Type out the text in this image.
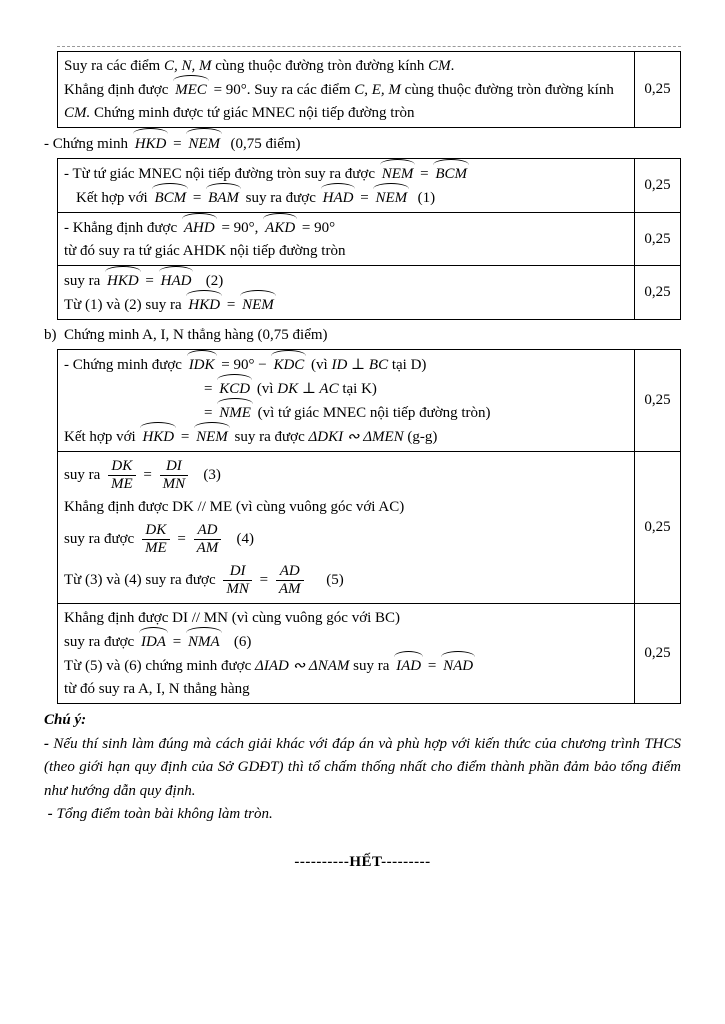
Suy ra các điểm C, N, M cùng thuộc đường tròn đường kính CM.
Khẳng định được MEC = 90°. Suy ra các điểm C, E, M cùng thuộc đường tròn đường kính
CM. Chứng minh được tứ giác MNEC nội tiếp đường tròn
0,25
- Chứng minh HKD = NEM  (0,75 điểm)
- Từ tứ giác MNEC nội tiếp đường tròn suy ra được NEM = BCM
Kết hợp với BCM = BAM suy ra được HAD = NEM  (1)
0,25
- Khẳng định được AHD = 90°, AKD = 90°
từ đó suy ra tứ giác AHDK nội tiếp đường tròn
0,25
suy ra HKD = HAD   (2)
Từ (1) và (2) suy ra HKD = NEM
0,25
b)  Chứng minh A, I, N thẳng hàng (0,75 điểm)
- Chứng minh được IDK = 90° − KDC (vì ID ⊥ BC tại D)
= KCD (vì DK ⊥ AC tại K)
= NME (vì tứ giác MNEC nội tiếp đường tròn)
Kết hợp với HKD = NEM suy ra được ΔDKI ∾ ΔMEN (g-g)
0,25
suy ra $\frac{DK}{ME} = \frac{DI}{MN} (3)$
Khẳng định được DK // ME (vì cùng vuông góc với AC)
suy ra được $\frac{DK}{ME} = \frac{AD}{AM} (4)$
Từ (3) và (4) suy ra được $\frac{DI}{MN} = \frac{AD}{AM} (5)$
0,25
Khẳng định được DI // MN (vì cùng vuông góc với BC)
suy ra được IDA = NMA   (6)
Từ (5) và (6) chứng minh được ΔIAD ∾ ΔNAM suy ra IAD = NAD
từ đó suy ra A, I, N thẳng hàng
0,25
Chú ý:
- Nếu thí sinh làm đúng mà cách giải khác với đáp án và phù hợp với kiến thức của chương trình THCS (theo giới hạn quy định của Sở GDĐT) thì tổ chấm thống nhất cho điểm thành phần đảm bảo tổng điểm như hướng dẫn quy định.
- Tổng điểm toàn bài không làm tròn.
----------HẾT---------
